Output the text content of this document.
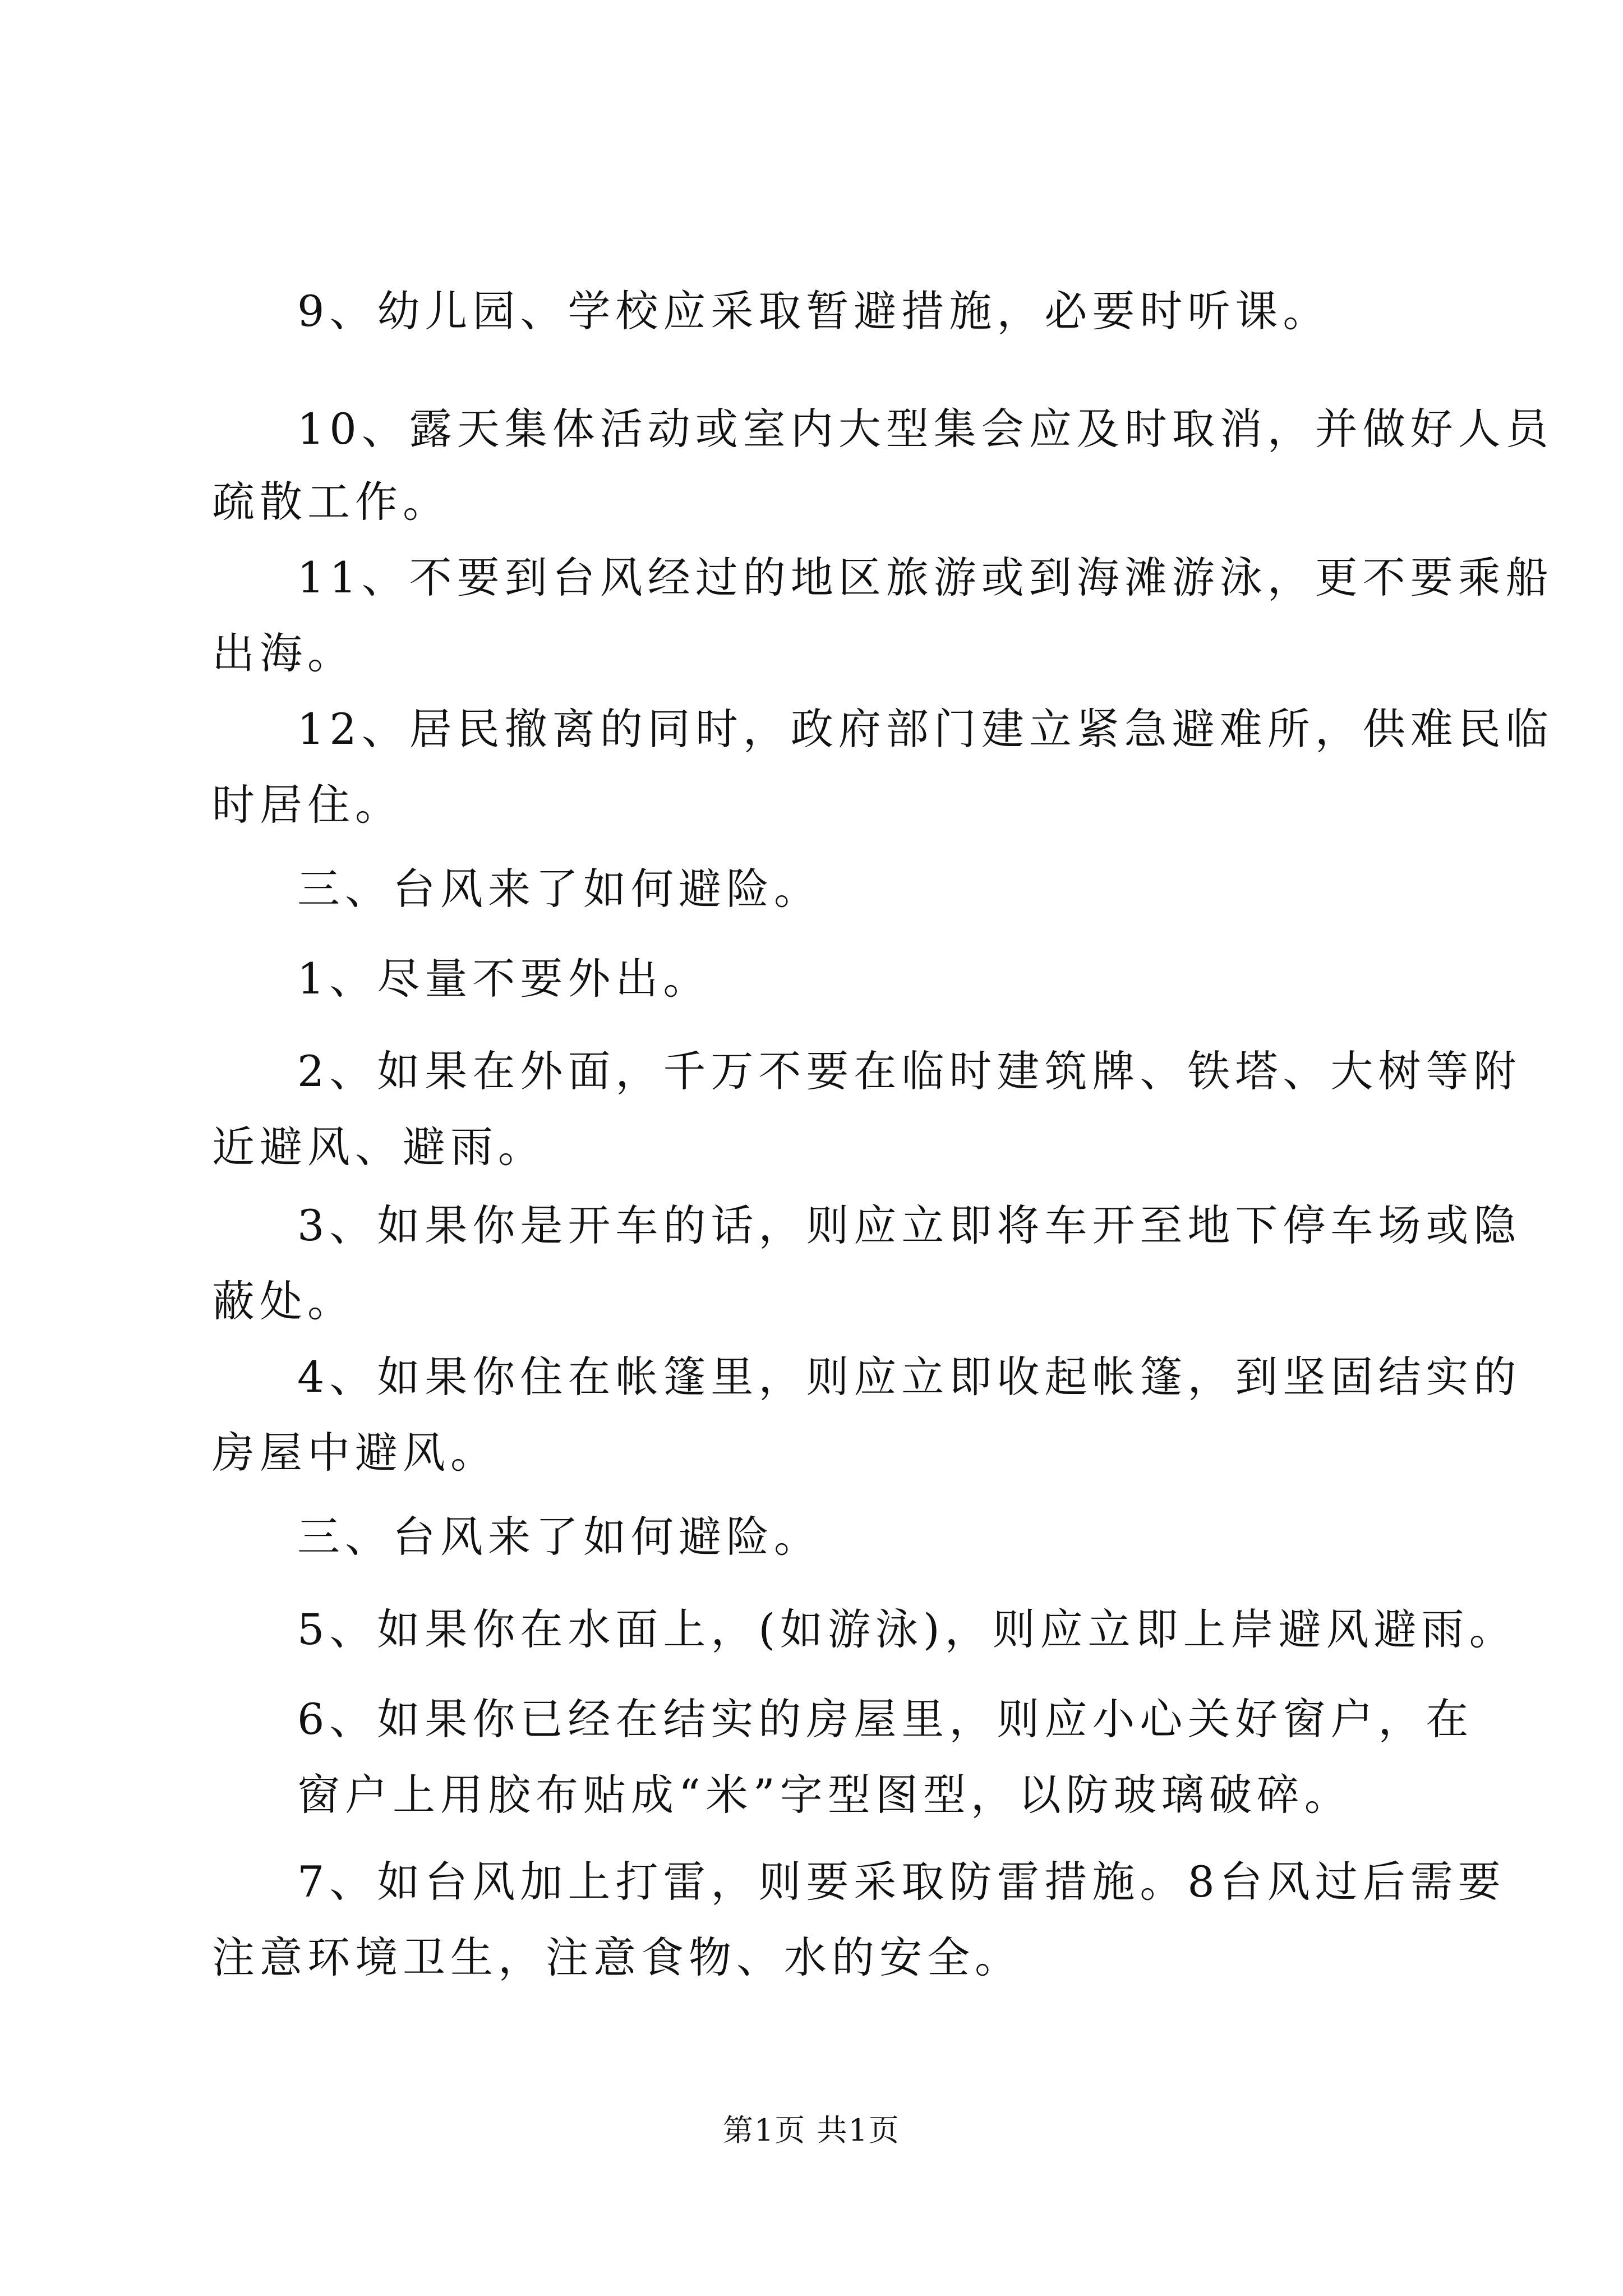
9、幼儿园、学校应采取暂避措施，必要时听课。
10、露天集体活动或室内大型集会应及时取消，并做好人员
疏散工作。
11、不要到台风经过的地区旅游或到海滩游泳，更不要乘船
出海。
12、居民撤离的同时，政府部门建立紧急避难所，供难民临
时居住。
三、台风来了如何避险。
1、尽量不要外出。
2、如果在外面，千万不要在临时建筑牌、铁塔、大树等附
近避风、避雨。
3、如果你是开车的话，则应立即将车开至地下停车场或隐
蔽处。
4、如果你住在帐篷里，则应立即收起帐篷，到坚固结实的
房屋中避风。
三、台风来了如何避险。
5、如果你在水面上，(如游泳)，则应立即上岸避风避雨。
6、如果你已经在结实的房屋里，则应小心关好窗户，在
窗户上用胶布贴成“米”字型图型，以防玻璃破碎。
7、如台风加上打雷，则要采取防雷措施。8台风过后需要
注意环境卫生，注意食物、水的安全。
第1页 共1页
